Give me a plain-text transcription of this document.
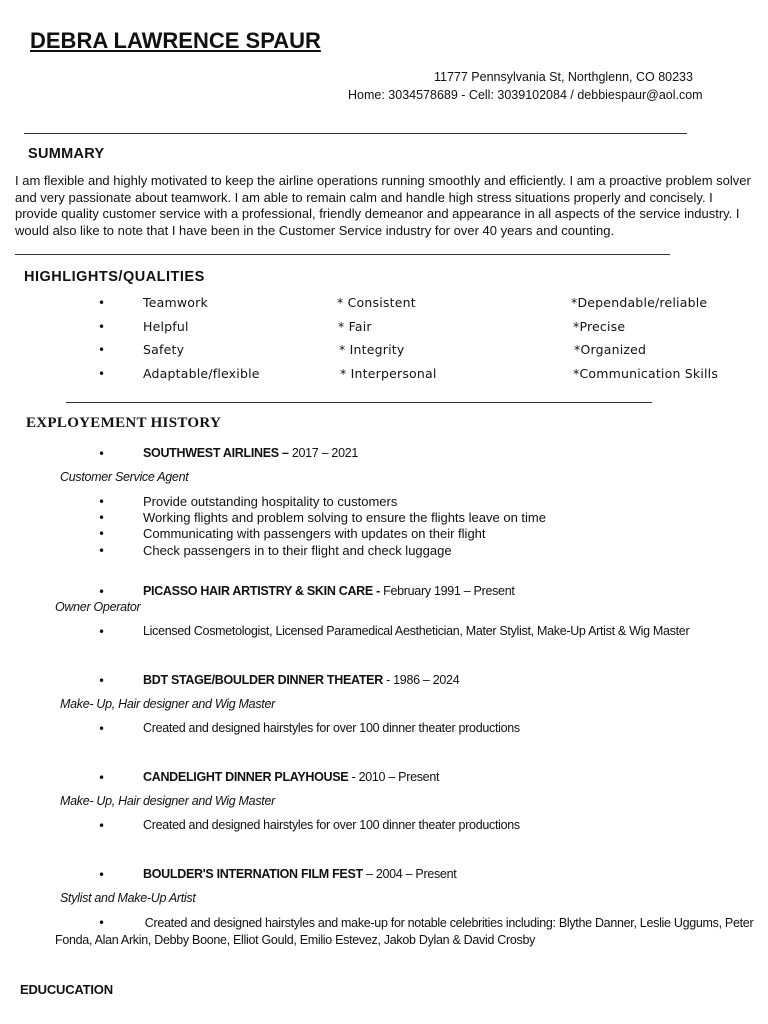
DEBRA LAWRENCE SPAUR
11777 Pennsylvania St, Northglenn, CO 80233
Home: 3034578689 - Cell: 3039102084 / debbiespaur@aol.com
SUMMARY
I am flexible and highly motivated to keep the airline operations running smoothly and efficiently. I am a proactive problem solver and very passionate about teamwork. I am able to remain calm and handle high stress situations properly and concisely. I provide quality customer service with a professional, friendly demeanor and appearance in all aspects of the service industry. I would also like to note that I have been in the Customer Service industry for over 40 years and counting.
HIGHLIGHTS/QUALITIES
•	Teamwork	* Consistent	*Dependable/reliable
•	Helpful	* Fair	*Precise
•	Safety	* Integrity	*Organized
•	Adaptable/flexible	* Interpersonal	*Communication Skills
EXPLOYEMENT HISTORY
•	SOUTHWEST AIRLINES – 2017 – 2021
Customer Service Agent
•	Provide outstanding hospitality to customers
•	Working flights and problem solving to ensure the flights leave on time
•	Communicating with passengers with updates on their flight
•	Check passengers in to their flight and check luggage
•	PICASSO HAIR ARTISTRY & SKIN CARE - February 1991 – Present
Owner Operator
•	Licensed Cosmetologist, Licensed Paramedical Aesthetician, Mater Stylist, Make-Up Artist & Wig Master
•	BDT STAGE/BOULDER DINNER THEATER - 1986 – 2024
Make- Up, Hair designer and Wig Master
•	Created and designed hairstyles for over 100 dinner theater productions
•	CANDELIGHT DINNER PLAYHOUSE - 2010 – Present
Make- Up, Hair designer and Wig Master
•	Created and designed hairstyles for over 100 dinner theater productions
•	BOULDER'S INTERNATION FILM FEST – 2004 – Present
Stylist and Make-Up Artist
•	Created and designed hairstyles and make-up for notable celebrities including: Blythe Danner, Leslie Uggums, Peter Fonda, Alan Arkin, Debby Boone, Elliot Gould, Emilio Estevez, Jakob Dylan & David Crosby
EDUCUCATION
